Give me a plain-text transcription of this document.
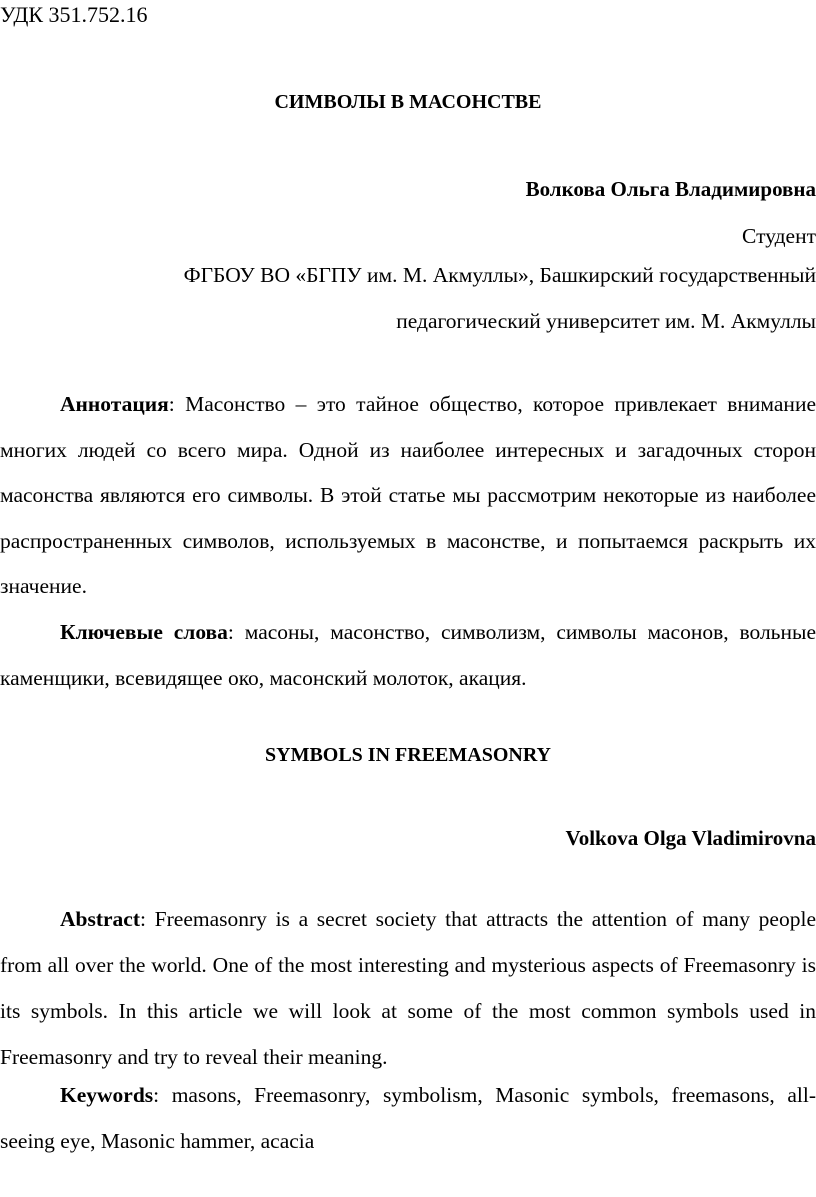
УДК 351.752.16
СИМВОЛЫ В МАСОНСТВЕ
Волкова Ольга Владимировна
Студент
ФГБОУ ВО «БГПУ им. М. Акмуллы», Башкирский государственный
педагогический университет им. М. Акмуллы

Аннотация: Масонство – это тайное общество, которое привлекает внимание многих людей со всего мира. Одной из наиболее интересных и загадочных сторон масонства являются его символы. В этой статье мы рассмотрим некоторые из наиболее распространенных символов, используемых в масонстве, и попытаемся раскрыть их значение.

Ключевые слова: масоны, масонство, символизм, символы масонов, вольные каменщики, всевидящее око, масонский молоток, акация.

SYMBOLS IN FREEMASONRY
Volkova Olga Vladimirovna

Abstract: Freemasonry is a secret society that attracts the attention of many people from all over the world. One of the most interesting and mysterious aspects of Freemasonry is its symbols. In this article we will look at some of the most common symbols used in Freemasonry and try to reveal their meaning.

Keywords: masons, Freemasonry, symbolism, Masonic symbols, freemasons, all-seeing eye, Masonic hammer, acacia
